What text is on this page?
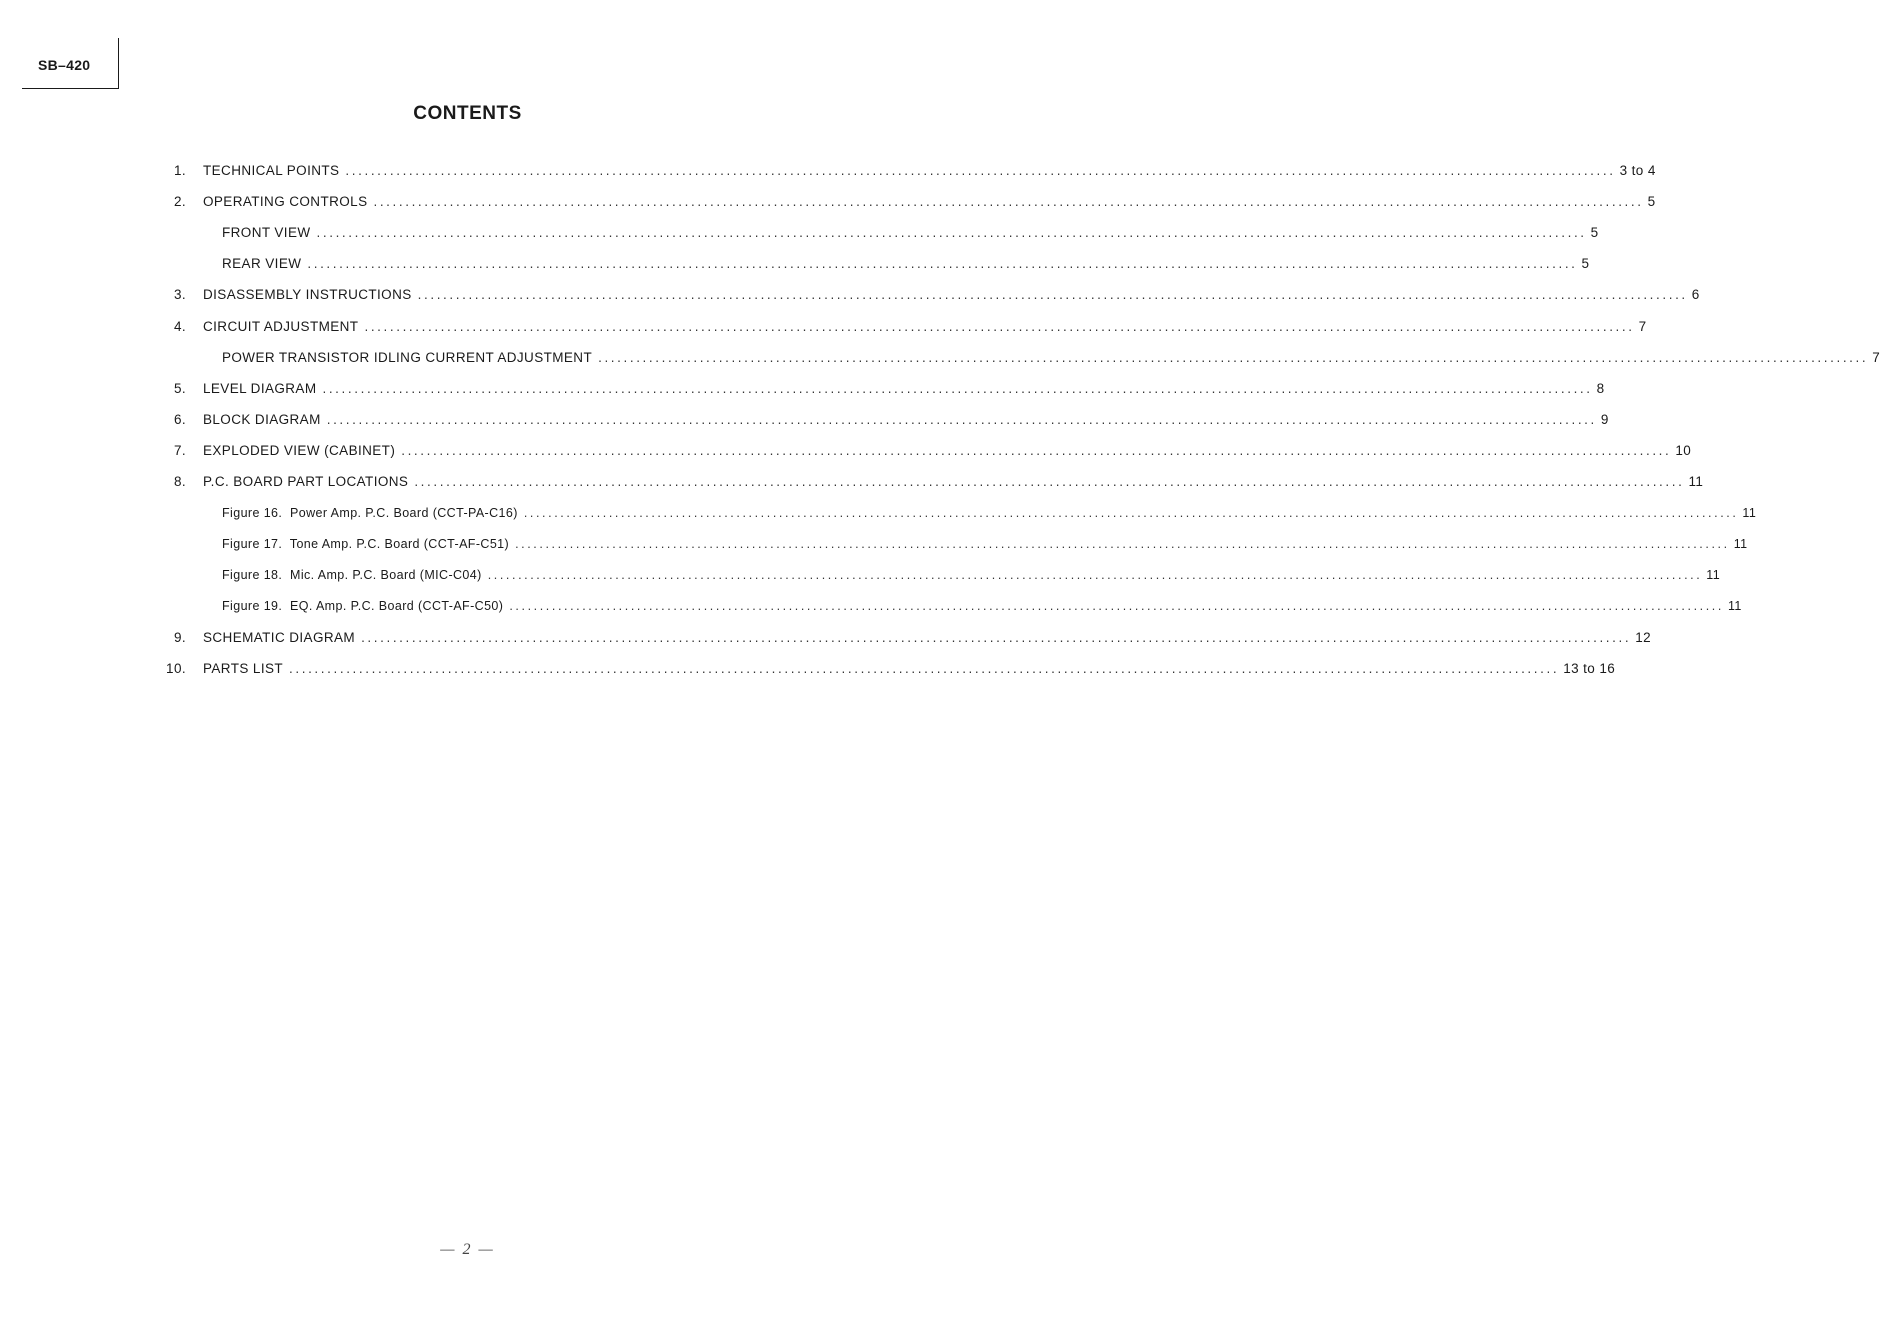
SB–420
CONTENTS
1. TECHNICAL POINTS ........................................................................................................................................................................................................ 3 to 4
2. OPERATING CONTROLS ........................................................................................................................................................................................................ 5
FRONT VIEW ........................................................................................................................................................................................................ 5
REAR VIEW ........................................................................................................................................................................................................ 5
3. DISASSEMBLY INSTRUCTIONS ........................................................................................................................................................................................................ 6
4. CIRCUIT ADJUSTMENT ........................................................................................................................................................................................................ 7
POWER TRANSISTOR IDLING CURRENT ADJUSTMENT ........................................................................................................................................................................................................ 7
5. LEVEL DIAGRAM ........................................................................................................................................................................................................ 8
6. BLOCK DIAGRAM ........................................................................................................................................................................................................ 9
7. EXPLODED VIEW (CABINET) ........................................................................................................................................................................................................ 10
8. P.C. BOARD PART LOCATIONS ........................................................................................................................................................................................................ 11
Figure 16.  Power Amp. P.C. Board (CCT-PA-C16) ........................................................................................................................................................................................................ 11
Figure 17.  Tone Amp. P.C. Board (CCT-AF-C51) ........................................................................................................................................................................................................ 11
Figure 18.  Mic. Amp. P.C. Board (MIC-C04) ........................................................................................................................................................................................................ 11
Figure 19.  EQ. Amp. P.C. Board (CCT-AF-C50) ........................................................................................................................................................................................................ 11
9. SCHEMATIC DIAGRAM ........................................................................................................................................................................................................ 12
10. PARTS LIST ........................................................................................................................................................................................................ 13 to 16
— 2 —
